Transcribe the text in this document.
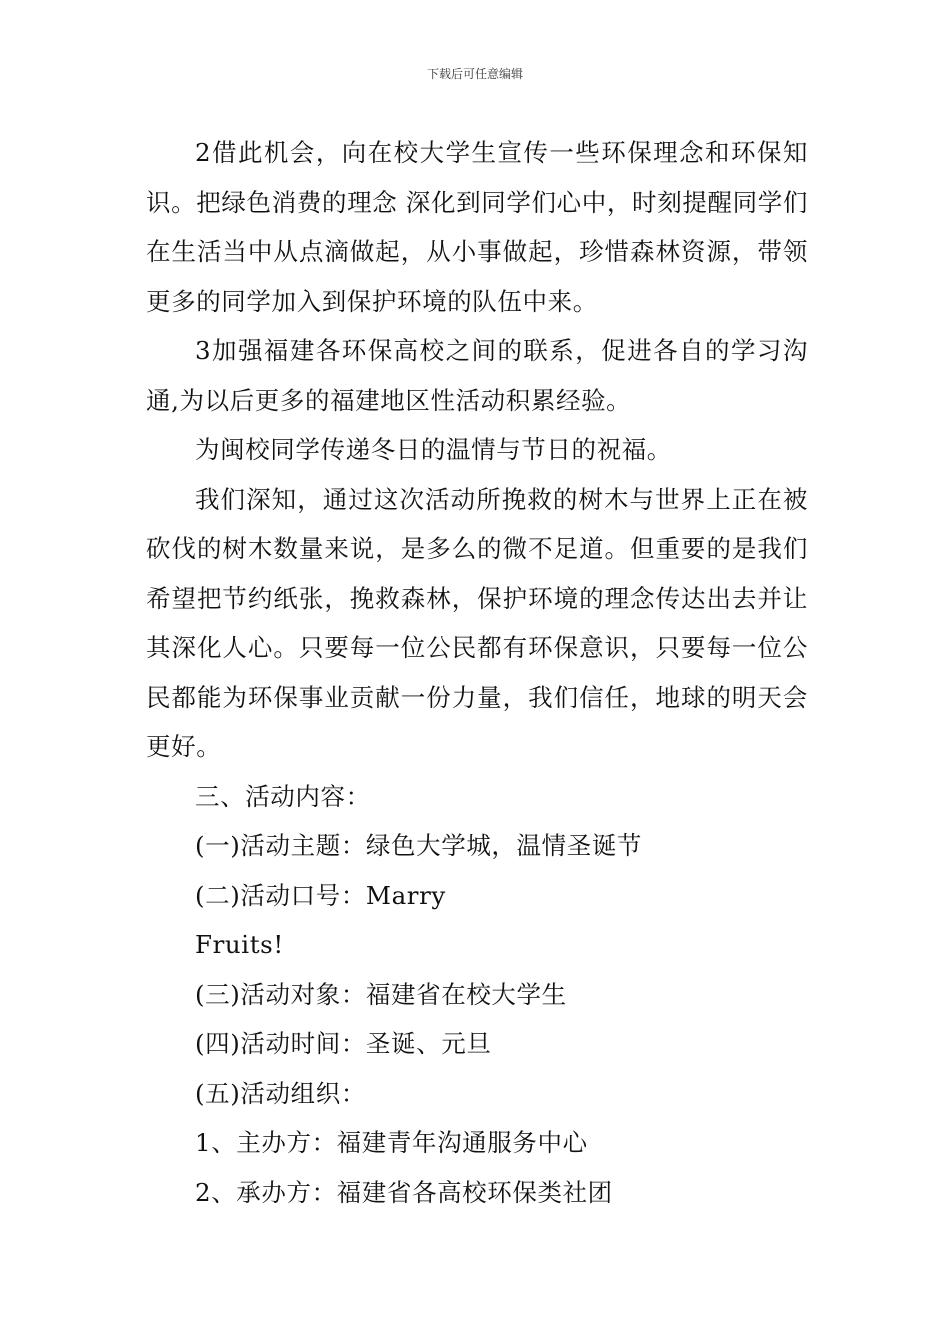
下载后可任意编辑

2借此机会，向在校大学生宣传一些环保理念和环保知识。把绿色消费的理念 深化到同学们心中，时刻提醒同学们在生活当中从点滴做起，从小事做起，珍惜森林资源，带领更多的同学加入到保护环境的队伍中来。

3加强福建各环保高校之间的联系，促进各自的学习沟通,为以后更多的福建地区性活动积累经验。

为闽校同学传递冬日的温情与节日的祝福。

我们深知，通过这次活动所挽救的树木与世界上正在被砍伐的树木数量来说，是多么的微不足道。但重要的是我们希望把节约纸张，挽救森林，保护环境的理念传达出去并让其深化人心。只要每一位公民都有环保意识，只要每一位公民都能为环保事业贡献一份力量，我们信任，地球的明天会更好。

三、活动内容：

(一)活动主题：绿色大学城，温情圣诞节

(二)活动口号：Marry

Fruits!

(三)活动对象：福建省在校大学生

(四)活动时间：圣诞、元旦

(五)活动组织：

1、主办方：福建青年沟通服务中心

2、承办方：福建省各高校环保类社团
